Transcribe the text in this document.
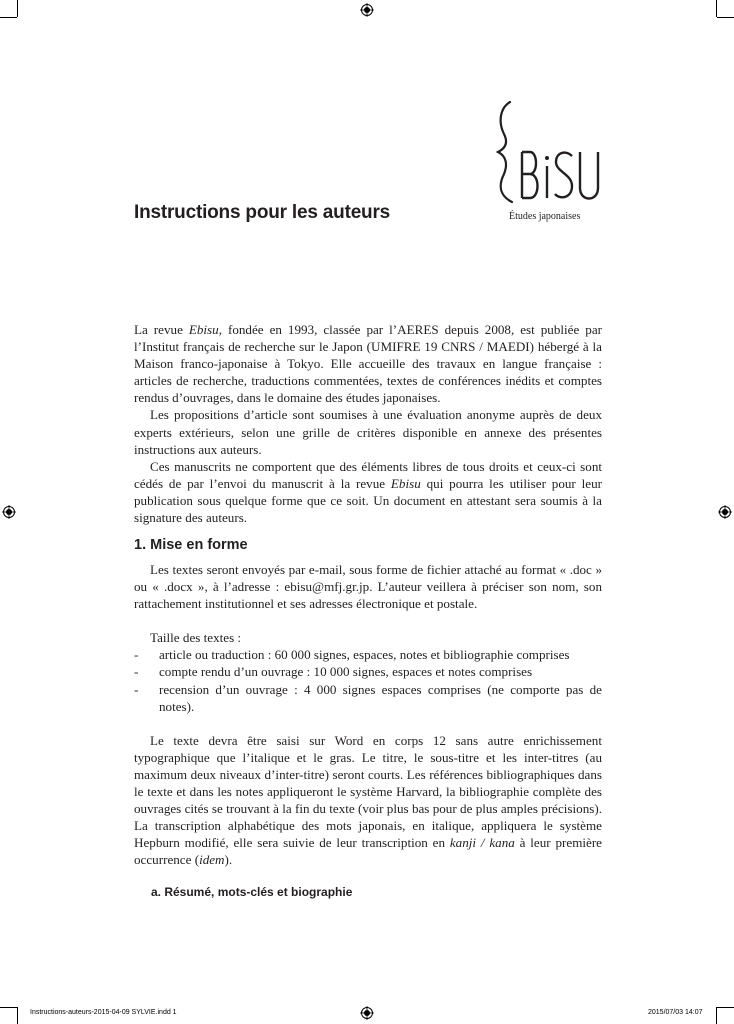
Études japonaises
Instructions pour les auteurs

La revue Ebisu, fondée en 1993, classée par l’AERES depuis 2008, est publiée par l’Institut français de recherche sur le Japon (UMIFRE 19 CNRS / MAEDI) hébergé à la Maison franco-japonaise à Tokyo. Elle accueille des travaux en langue française : articles de recherche, traductions commentées, textes de conférences inédits et comptes rendus d’ouvrages, dans le domaine des études japonaises.

Les propositions d’article sont soumises à une évaluation anonyme auprès de deux experts extérieurs, selon une grille de critères disponible en annexe des présentes instructions aux auteurs.

Ces manuscrits ne comportent que des éléments libres de tous droits et ceux-ci sont cédés de par l’envoi du manuscrit à la revue Ebisu qui pourra les utiliser pour leur publication sous quelque forme que ce soit. Un document en attestant sera soumis à la signature des auteurs.

1. Mise en forme

Les textes seront envoyés par e-mail, sous forme de fichier attaché au format « .doc » ou « .docx », à l’adresse : ebisu@mfj.gr.jp. L’auteur veillera à préciser son nom, son rattachement institutionnel et ses adresses électronique et postale.

Taille des textes :

-	article ou traduction : 60 000 signes, espaces, notes et bibliographie comprises
-	compte rendu d’un ouvrage : 10 000 signes, espaces et notes comprises
-	recension d’un ouvrage : 4 000 signes espaces comprises (ne comporte pas de notes).

Le texte devra être saisi sur Word en corps 12 sans autre enrichissement typographique que l’italique et le gras. Le titre, le sous-titre et les inter-titres (au maximum deux niveaux d’inter-titre) seront courts. Les références bibliographiques dans le texte et dans les notes appliqueront le système Harvard, la bibliographie complète des ouvrages cités se trouvant à la fin du texte (voir plus bas pour de plus amples précisions). La transcription alphabétique des mots japonais, en italique, appliquera le système Hepburn modifié, elle sera suivie de leur transcription en kanji / kana à leur première occurrence (idem).

a. Résumé, mots-clés et biographie
Instructions-auteurs-2015-04-09 SYLVIE.indd 1	2015/07/03 14:07
